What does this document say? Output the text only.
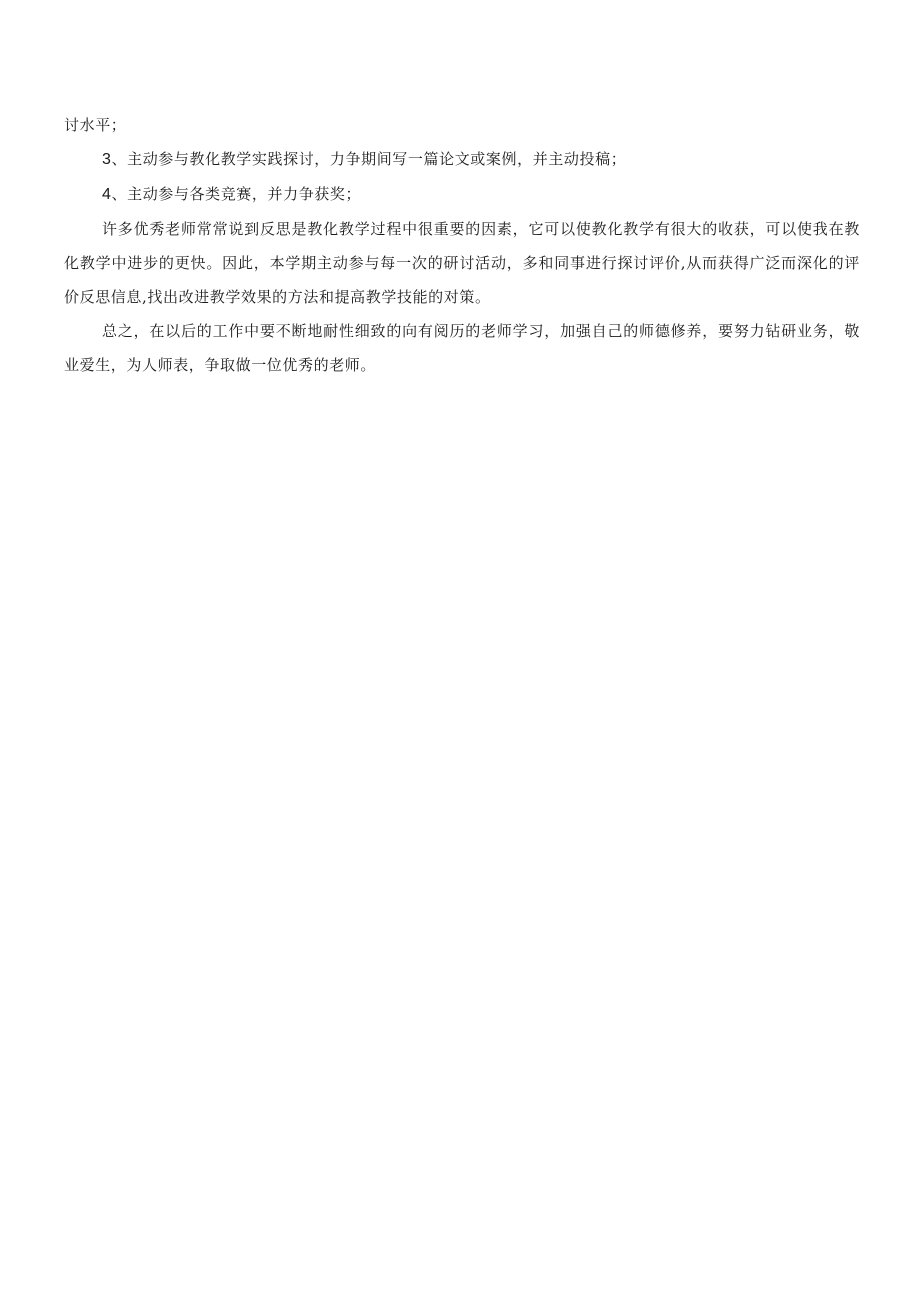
讨水平；

3、主动参与教化教学实践探讨，力争期间写一篇论文或案例，并主动投稿；

4、主动参与各类竞赛，并力争获奖；

许多优秀老师常常说到反思是教化教学过程中很重要的因素，它可以使教化教学有很大的收获，可以使我在教化教学中进步的更快。因此，本学期主动参与每一次的研讨活动，多和同事进行探讨评价,从而获得广泛而深化的评价反思信息,找出改进教学效果的方法和提高教学技能的对策。

总之，在以后的工作中要不断地耐性细致的向有阅历的老师学习，加强自己的师德修养，要努力钻研业务，敬业爱生，为人师表，争取做一位优秀的老师。
